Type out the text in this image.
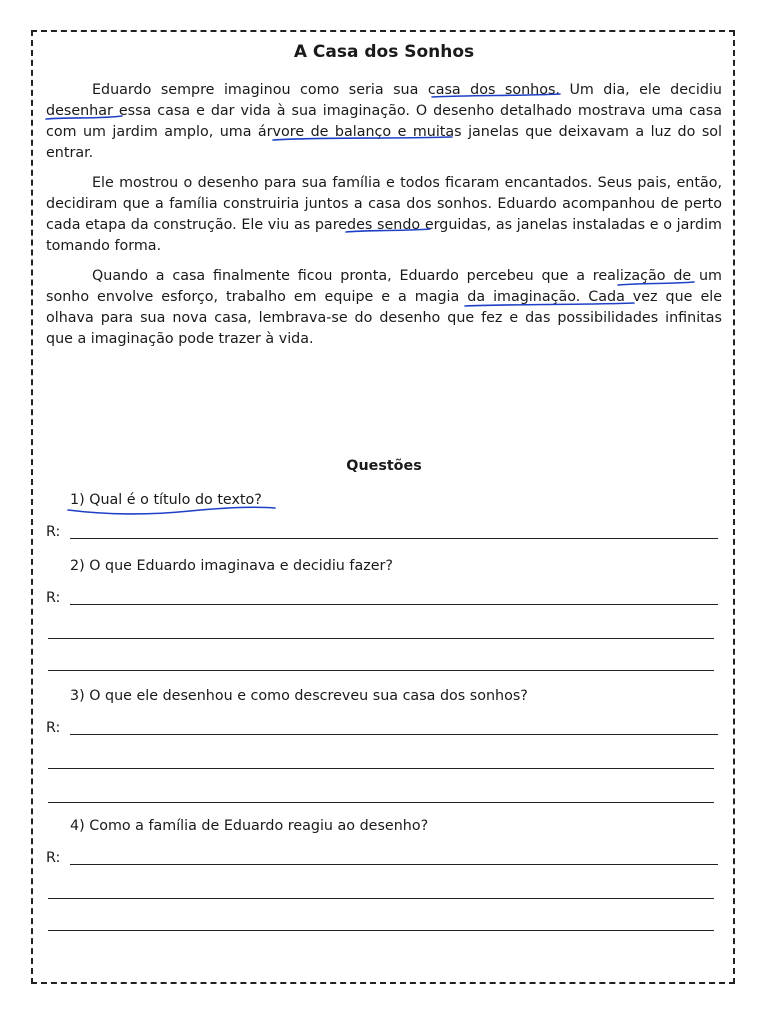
A Casa dos Sonhos

Eduardo sempre imaginou como seria sua casa dos sonhos. Um dia, ele decidiu desenhar essa casa e dar vida à sua imaginação. O desenho detalhado mostrava uma casa com um jardim amplo, uma árvore de balanço e muitas janelas que deixavam a luz do sol entrar.

Ele mostrou o desenho para sua família e todos ficaram encantados. Seus pais, então, decidiram que a família construiria juntos a casa dos sonhos. Eduardo acompanhou de perto cada etapa da construção. Ele viu as paredes sendo erguidas, as janelas instaladas e o jardim tomando forma.

Quando a casa finalmente ficou pronta, Eduardo percebeu que a realização de um sonho envolve esforço, trabalho em equipe e a magia da imaginação. Cada vez que ele olhava para sua nova casa, lembrava-se do desenho que fez e das possibilidades infinitas que a imaginação pode trazer à vida.

Questões

1) Qual é o título do texto?

R:

2) O que Eduardo imaginava e decidiu fazer?

R:

3) O que ele desenhou e como descreveu sua casa dos sonhos?

R:

4) Como a família de Eduardo reagiu ao desenho?

R:
